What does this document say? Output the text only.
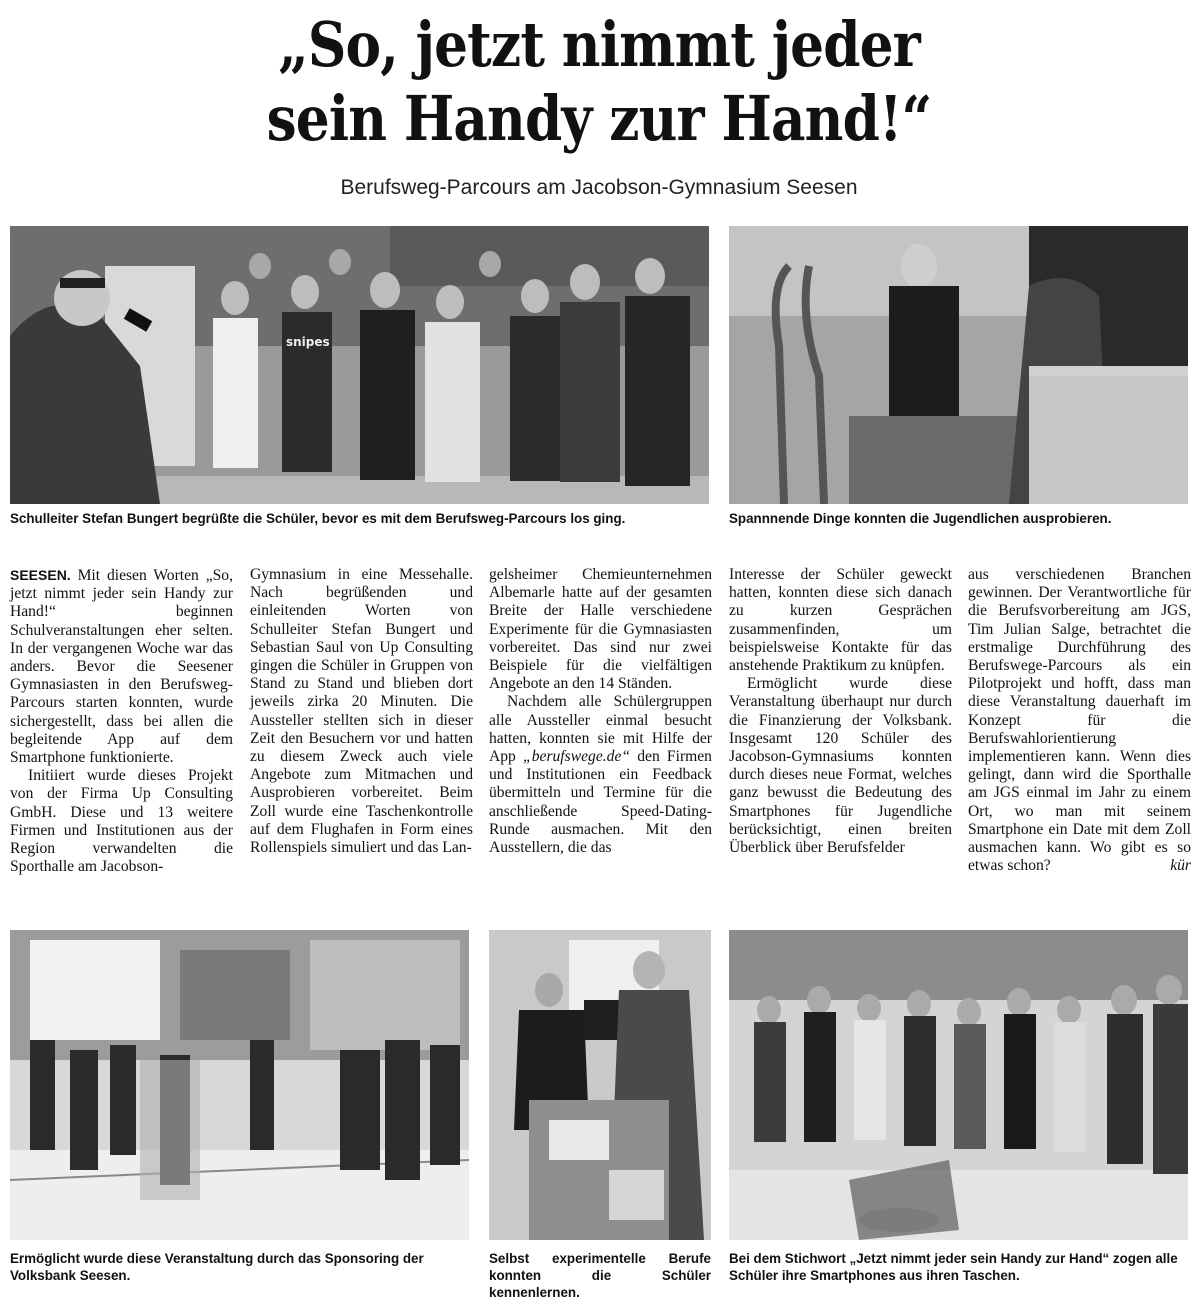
„So, jetzt nimmt jeder
sein Handy zur Hand!“
Berufsweg-Parcours am Jacobson-Gymnasium Seesen
snipes
Schulleiter Stefan Bungert begrüßte die Schüler, bevor es mit dem Berufsweg-Parcours los ging.	Spannnende Dinge konnten die Jugendlichen ausprobieren.

SEESEN. Mit diesen Worten „So, jetzt nimmt jeder sein Handy zur Hand!“ beginnen Schulveranstaltungen eher selten. In der vergangenen Woche war das anders. Bevor die Seesener Gymnasiasten in den Berufsweg-Parcours starten konnten, wurde sichergestellt, dass bei allen die begleitende App auf dem Smartphone funktionierte.

Initiiert wurde dieses Projekt von der Firma Up Consulting GmbH. Diese und 13 weitere Firmen und Institutionen aus der Region verwandelten die Sporthalle am Jacobson-

Gymnasium in eine Messehalle. Nach begrüßenden und einleitenden Worten von Schulleiter Stefan Bungert und Sebastian Saul von Up Consulting gingen die Schüler in Gruppen von Stand zu Stand und blieben dort jeweils zirka 20 Minuten. Die Aussteller stellten sich in dieser Zeit den Besuchern vor und hatten zu diesem Zweck auch viele Angebote zum Mitmachen und Ausprobieren vorbereitet. Beim Zoll wurde eine Taschenkontrolle auf dem Flughafen in Form eines Rollenspiels simuliert und das Lan-

gelsheimer Chemieunternehmen Albemarle hatte auf der gesamten Breite der Halle verschiedene Experimente für die Gymnasiasten vorbereitet. Das sind nur zwei Beispiele für die vielfältigen Angebote an den 14 Ständen.

Nachdem alle Schülergruppen alle Aussteller einmal besucht hatten, konnten sie mit Hilfe der App „berufswege.de“ den Firmen und Institutionen ein Feedback übermitteln und Termine für die anschließende Speed-Dating-Runde ausmachen. Mit den Ausstellern, die das

Interesse der Schüler geweckt hatten, konnten diese sich danach zu kurzen Gesprächen zusammenfinden, um beispielsweise Kontakte für das anstehende Praktikum zu knüpfen.

Ermöglicht wurde diese Veranstaltung überhaupt nur durch die Finanzierung der Volksbank. Insgesamt 120 Schüler des Jacobson-Gymnasiums konnten durch dieses neue Format, welches ganz bewusst die Bedeutung des Smartphones für Jugendliche berücksichtigt, einen breiten Überblick über Berufsfelder

aus verschiedenen Branchen gewinnen. Der Verantwortliche für die Berufsvorbereitung am JGS, Tim Julian Salge, betrachtet die erstmalige Durchführung des Berufswege-Parcours als ein Pilotprojekt und hofft, dass man diese Veranstaltung dauerhaft im Konzept für die Berufswahlorientierung implementieren kann. Wenn dies gelingt, dann wird die Sporthalle am JGS einmal im Jahr zu einem Ort, wo man mit seinem Smartphone ein Date mit dem Zoll ausmachen kann. Wo gibt es so etwas schon?	kür

Ermöglicht wurde diese Veranstaltung durch das Sponsoring der Volksbank Seesen.
Selbst experimentelle Berufe konnten die Schüler kennenlernen.
Bei dem Stichwort „Jetzt nimmt jeder sein Handy zur Hand“ zogen alle Schüler ihre Smartphones aus ihren Taschen.
